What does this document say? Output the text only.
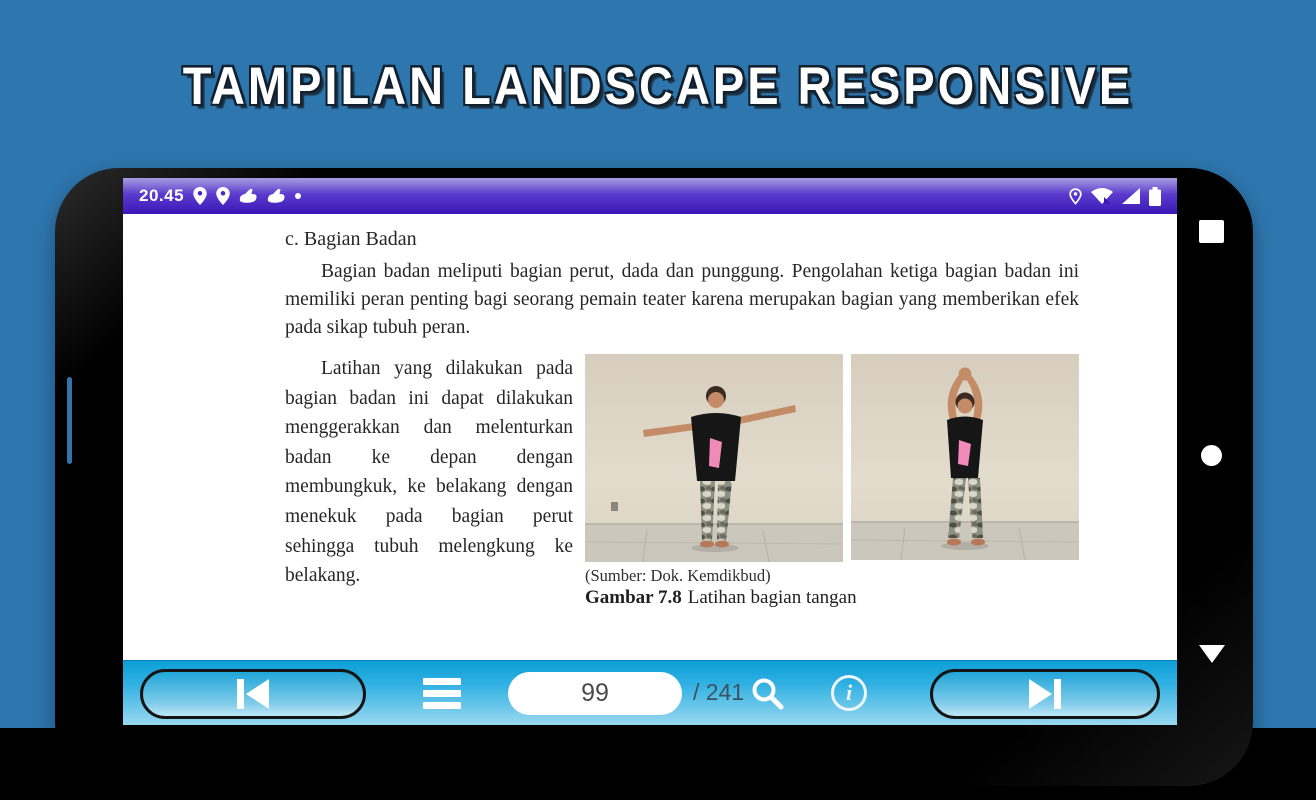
TAMPILAN LANDSCAPE RESPONSIVE
20.45

c. Bagian Badan

Bagian badan meliputi bagian perut, dada dan punggung. Pengolahan ketiga bagian badan ini memiliki peran penting bagi seorang pemain teater karena merupakan bagian yang memberikan efek pada sikap tubuh peran.

Latihan yang dilakukan pada bagian badan ini dapat dilakukan menggerakkan dan melenturkan badan ke depan dengan membungkuk, ke belakang dengan menekuk pada bagian perut sehingga tubuh melengkung ke belakang.	(Sumber: Dok. Kemdikbud)
Gambar 7.8 Latihan bagian tangan
99
/ 241	i
